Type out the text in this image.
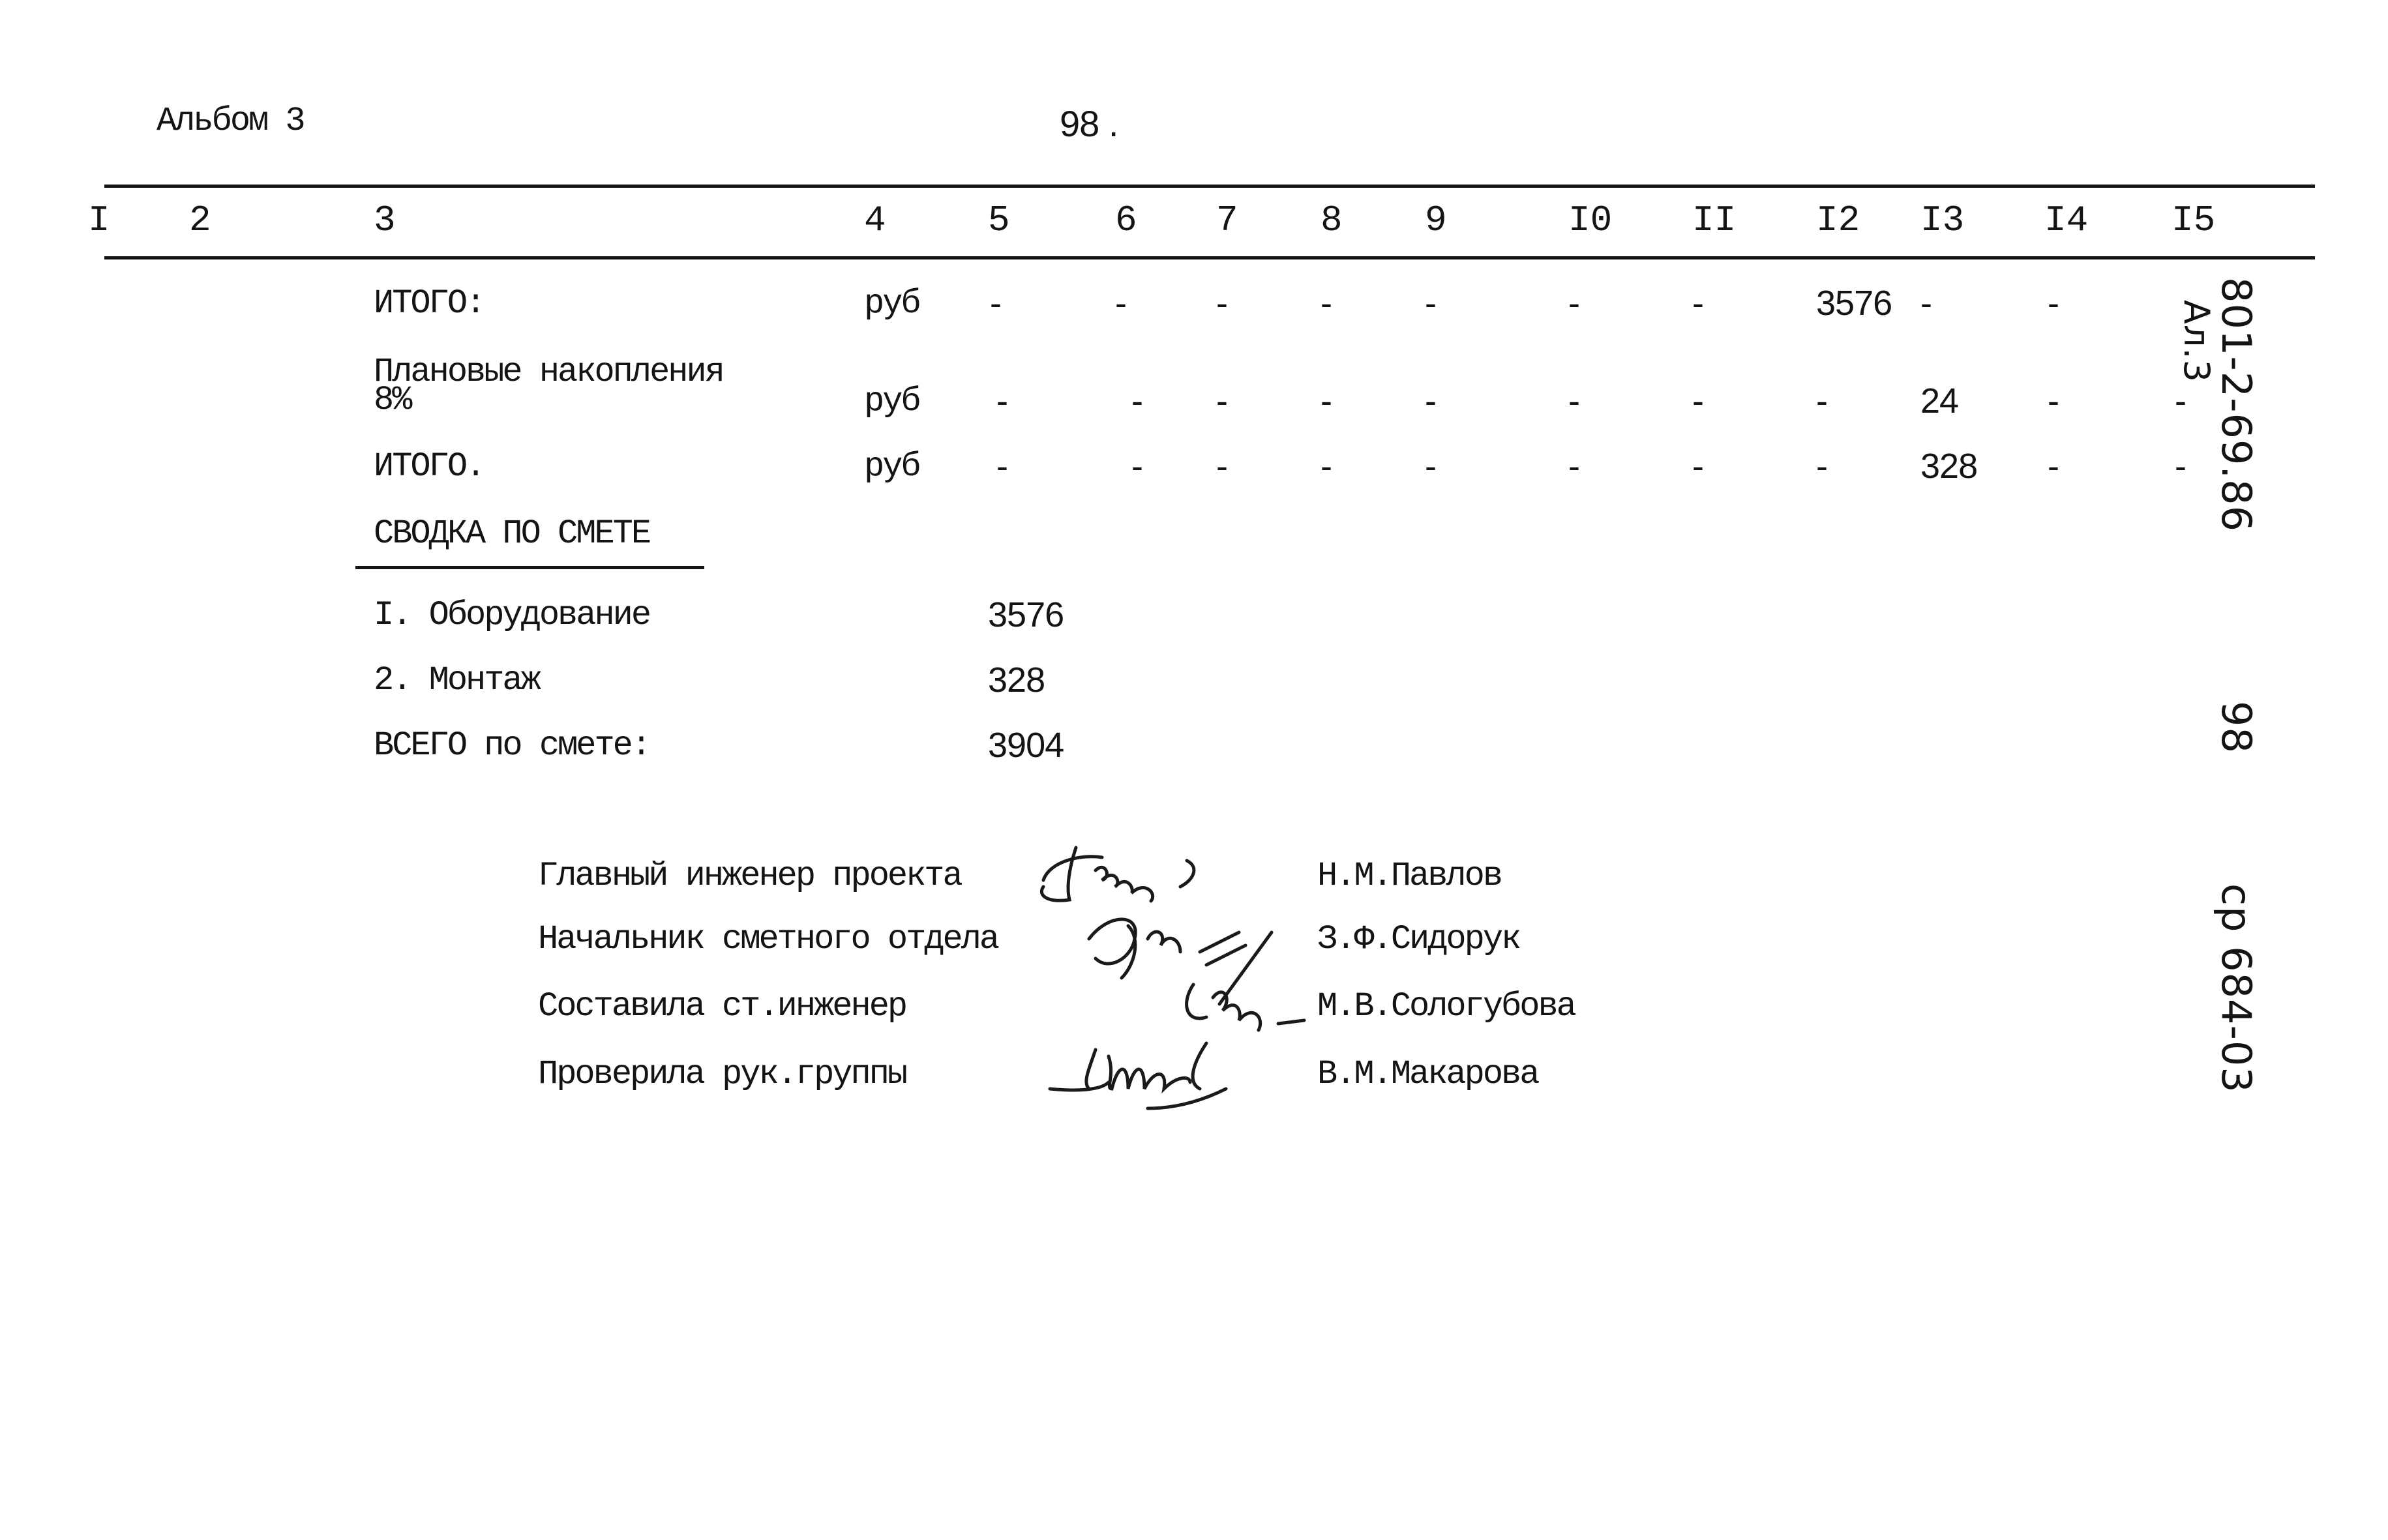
Альбом 3	98 .
I 2	3	4	5	6 7 8 9	I0 II I2 I3 I4 I5
ИТОГО:	руб -	-	-	-	-	-	-	3576 -	-
Плановые накопления
8%	руб -	- -	-	-	-	-	-	24	-	-
ИТОГО.	руб -	- -	-	-	-	-	-	328 -	-
СВОДКА ПО СМЕТЕ
I. Оборудование	3576
2. Монтаж	328
ВСЕГО по смете:	3904
Главный инженер проекта	Н.М.Павлов
Начальник сметного отдела	З.Ф.Сидорук
Составила ст.инженер	М.В.Сологубова
Проверила рук.группы	В.М.Макарова
801-2-69.86
Ал.3
98
ср 684-03
